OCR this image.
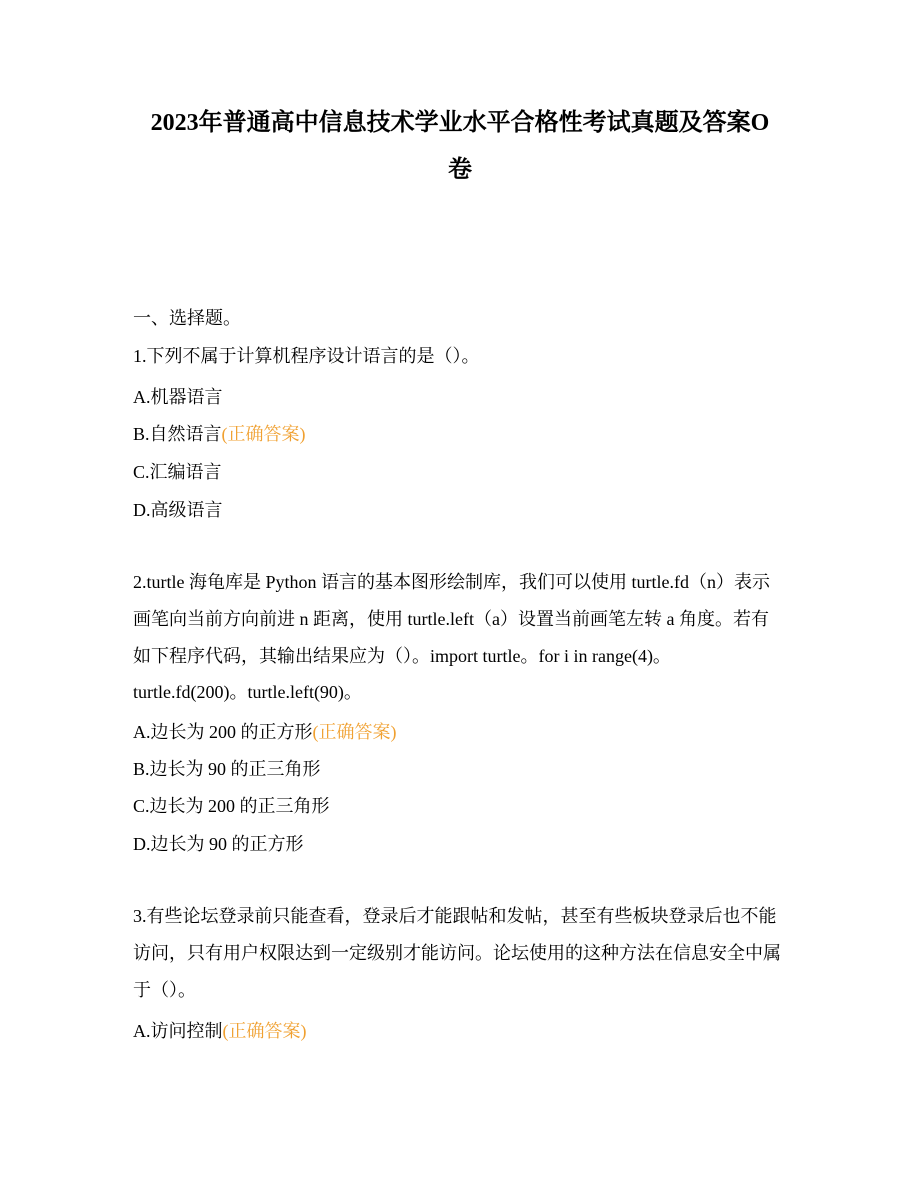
2023年普通高中信息技术学业水平合格性考试真题及答案O
卷
一、选择题。
1.下列不属于计算机程序设计语言的是（）。
A.机器语言
B.自然语言(正确答案)
C.汇编语言
D.高级语言
2.turtle 海龟库是 Python 语言的基本图形绘制库，我们可以使用 turtle.fd（n）表示
画笔向当前方向前进 n 距离，使用 turtle.left（a）设置当前画笔左转 a 角度。若有
如下程序代码，其输出结果应为（）。import turtle。for i in range(4)。
turtle.fd(200)。turtle.left(90)。
A.边长为 200 的正方形(正确答案)
B.边长为 90 的正三角形
C.边长为 200 的正三角形
D.边长为 90 的正方形
3.有些论坛登录前只能查看，登录后才能跟帖和发帖，甚至有些板块登录后也不能
访问，只有用户权限达到一定级别才能访问。论坛使用的这种方法在信息安全中属
于（）。
A.访问控制(正确答案)
